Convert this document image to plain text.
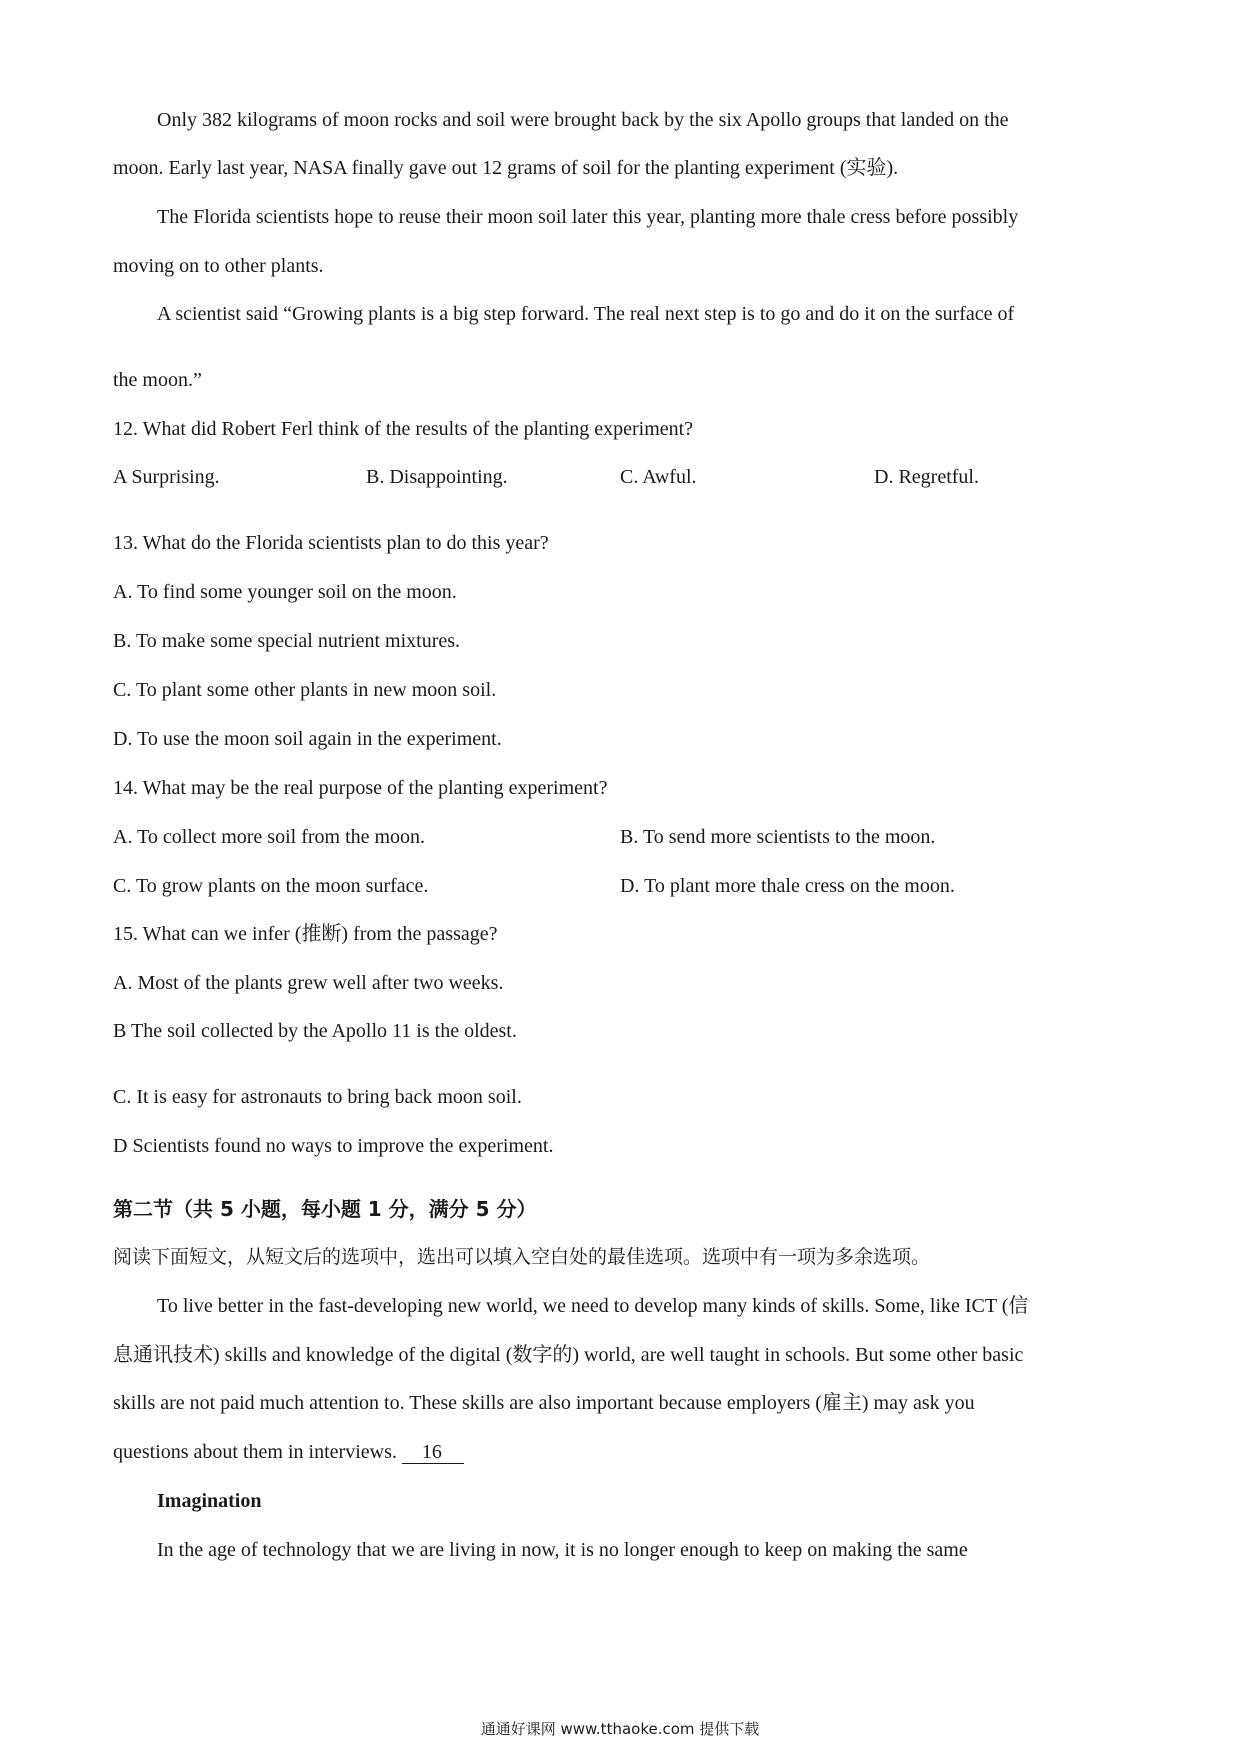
Only 382 kilograms of moon rocks and soil were brought back by the six Apollo groups that landed on the
moon. Early last year, NASA finally gave out 12 grams of soil for the planting experiment (实验).
The Florida scientists hope to reuse their moon soil later this year, planting more thale cress before possibly
moving on to other plants.
A scientist said “Growing plants is a big step forward. The real next step is to go and do it on the surface of
the moon.”
12. What did Robert Ferl think of the results of the planting experiment?
A Surprising.	B. Disappointing.	C. Awful.	D. Regretful.
13. What do the Florida scientists plan to do this year?
A. To find some younger soil on the moon.
B. To make some special nutrient mixtures.
C. To plant some other plants in new moon soil.
D. To use the moon soil again in the experiment.
14. What may be the real purpose of the planting experiment?
A. To collect more soil from the moon.	B. To send more scientists to the moon.
C. To grow plants on the moon surface.	D. To plant more thale cress on the moon.
15. What can we infer (推断) from the passage?
A. Most of the plants grew well after two weeks.
B The soil collected by the Apollo 11 is the oldest.
C. It is easy for astronauts to bring back moon soil.
D Scientists found no ways to improve the experiment.
第二节（共 5 小题，每小题 1 分，满分 5 分）
阅读下面短文，从短文后的选项中，选出可以填入空白处的最佳选项。选项中有一项为多余选项。
To live better in the fast-developing new world, we need to develop many kinds of skills. Some, like ICT (信
息通讯技术) skills and knowledge of the digital (数字的) world, are well taught in schools. But some other basic
skills are not paid much attention to. These skills are also important because employers (雇主) may ask you
questions about them in interviews. 16
Imagination
In the age of technology that we are living in now, it is no longer enough to keep on making the same
通通好课网 www.tthaoke.com 提供下载
